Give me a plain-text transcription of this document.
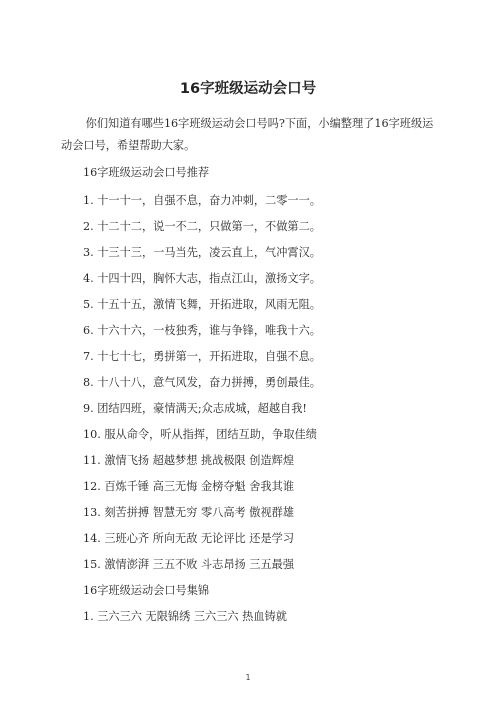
16字班级运动会口号

你们知道有哪些16字班级运动会口号吗?下面，小编整理了16字班级运动会口号，希望帮助大家。

16字班级运动会口号推荐
1. 十一十一，自强不息，奋力冲刺，二零一一。
2. 十二十二，说一不二，只做第一，不做第二。
3. 十三十三，一马当先，凌云直上，气冲霄汉。
4. 十四十四，胸怀大志，指点江山，激扬文字。
5. 十五十五，激情飞舞，开拓进取，风雨无阻。
6. 十六十六，一枝独秀，谁与争锋，唯我十六。
7. 十七十七，勇拼第一，开拓进取，自强不息。
8. 十八十八，意气风发，奋力拼搏，勇创最佳。
9. 团结四班，豪情满天;众志成城，超越自我!
10. 服从命令，听从指挥，团结互助，争取佳绩
11. 激情飞扬 超越梦想 挑战极限 创造辉煌
12. 百炼千锤 高三无悔 金榜夺魁 舍我其谁
13. 刻苦拼搏 智慧无穷 零八高考 傲视群雄
14. 三班心齐 所向无敌 无论评比 还是学习
15. 激情澎湃 三五不败 斗志昂扬 三五最强
16字班级运动会口号集锦
1. 三六三六 无限锦绣 三六三六 热血铸就
1
